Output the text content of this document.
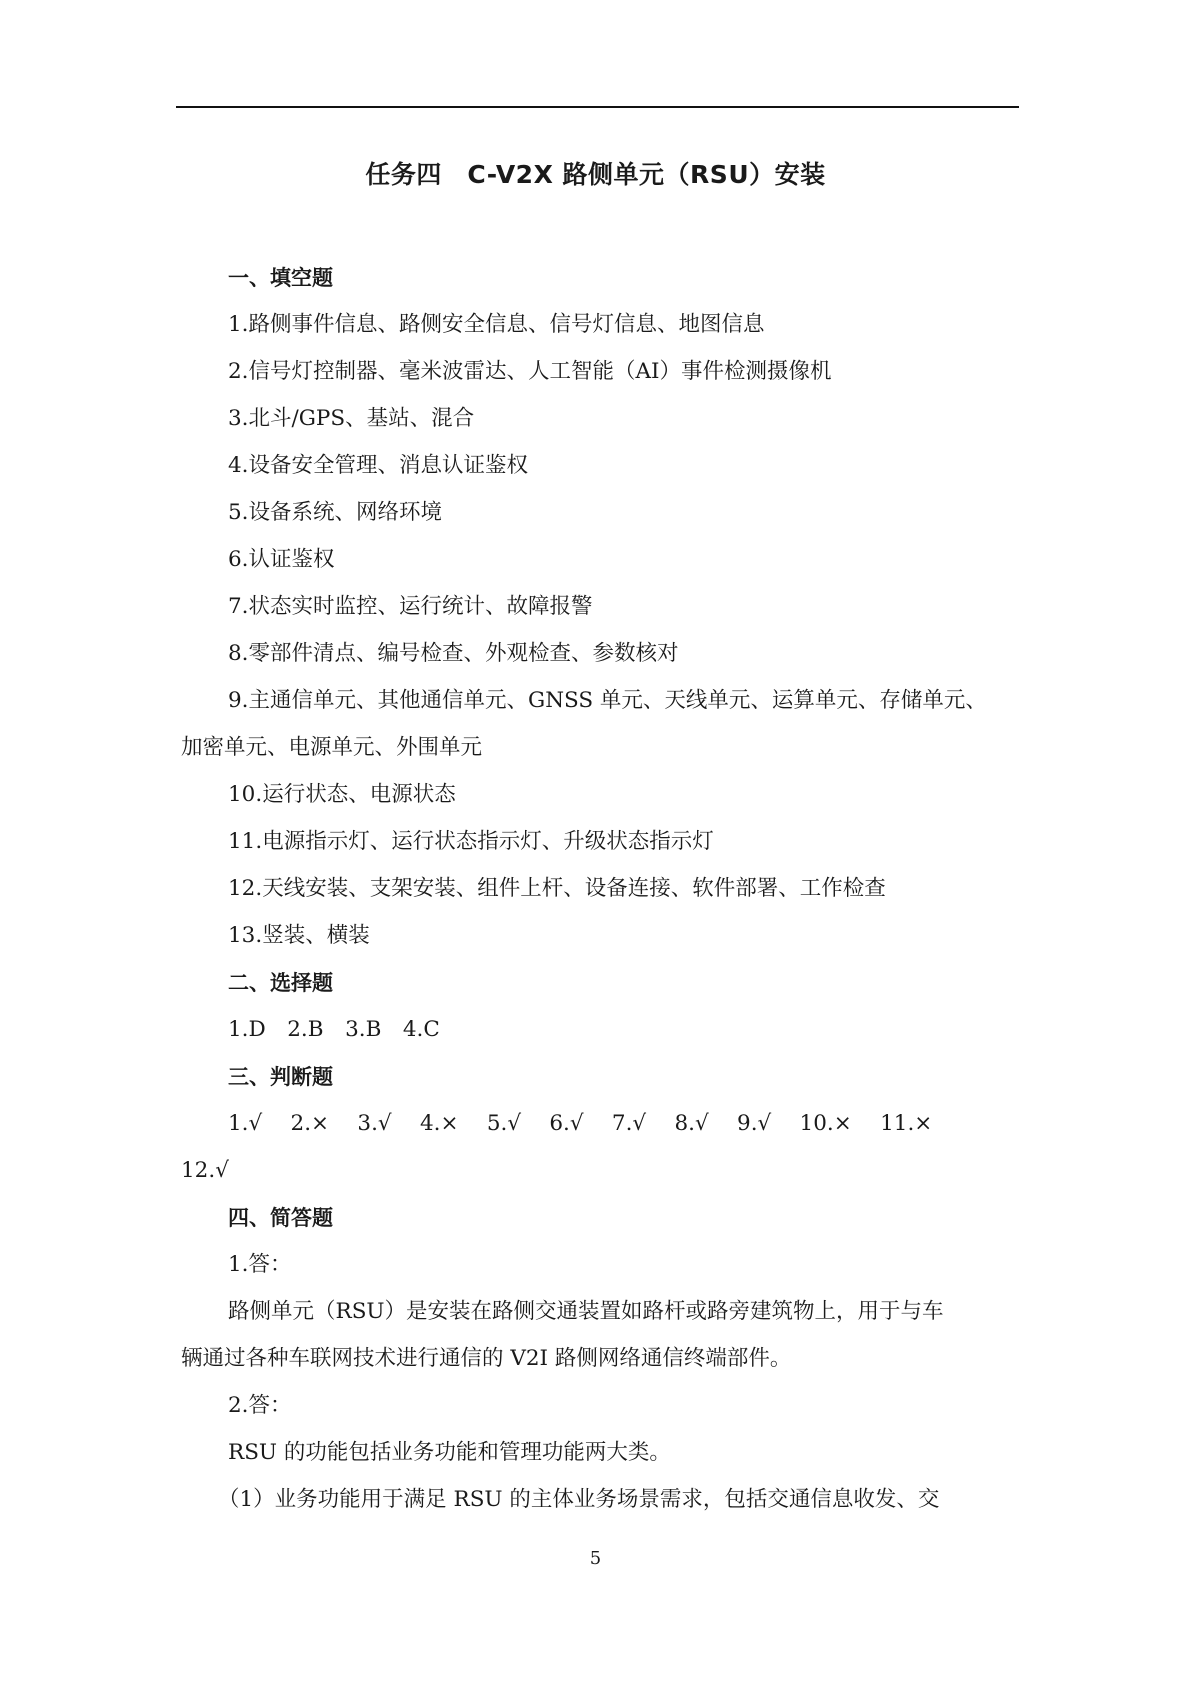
任务四　C-V2X 路侧单元（RSU）安装
一、填空题
1.路侧事件信息、路侧安全信息、信号灯信息、地图信息
2.信号灯控制器、毫米波雷达、人工智能（AI）事件检测摄像机
3.北斗/GPS、基站、混合
4.设备安全管理、消息认证鉴权
5.设备系统、网络环境
6.认证鉴权
7.状态实时监控、运行统计、故障报警
8.零部件清点、编号检查、外观检查、参数核对
9.主通信单元、其他通信单元、GNSS 单元、天线单元、运算单元、存储单元、
加密单元、电源单元、外围单元
10.运行状态、电源状态
11.电源指示灯、运行状态指示灯、升级状态指示灯
12.天线安装、支架安装、组件上杆、设备连接、软件部署、工作检查
13.竖装、横装
二、选择题
1.D　2.B　3.B　4.C
三、判断题
1.√　 2.×　 3.√　 4.×　 5.√　 6.√　 7.√　 8.√　 9.√　 10.×　 11.×
12.√
四、简答题
1.答：
路侧单元（RSU）是安装在路侧交通装置如路杆或路旁建筑物上，用于与车
辆通过各种车联网技术进行通信的 V2I 路侧网络通信终端部件。
2.答：
RSU 的功能包括业务功能和管理功能两大类。
（1）业务功能用于满足 RSU 的主体业务场景需求，包括交通信息收发、交
5
